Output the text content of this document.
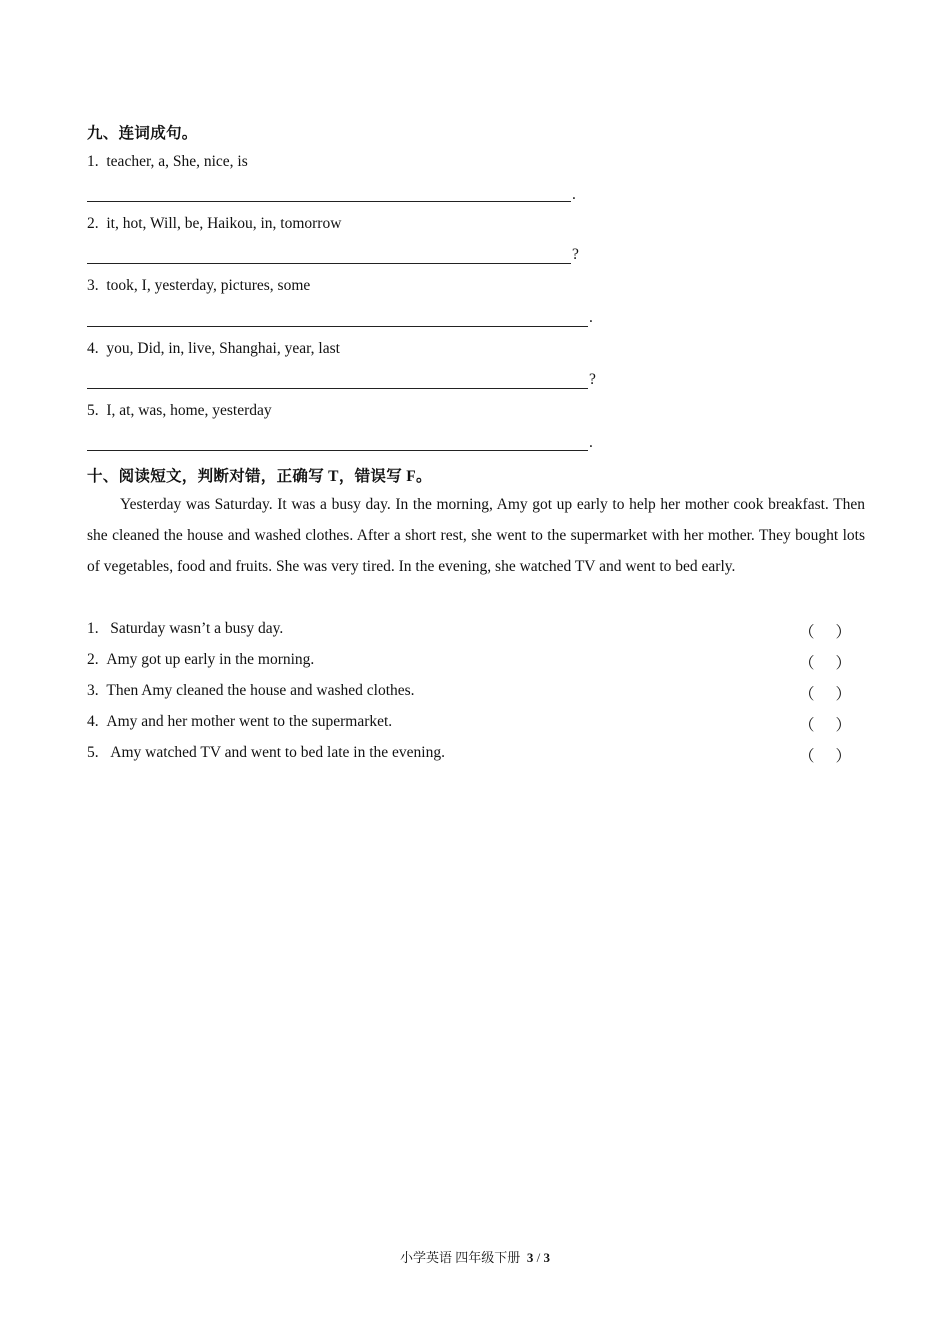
九、连词成句。
1. teacher, a, She, nice, is
.
2. it, hot, Will, be, Haikou, in, tomorrow
?
3. took, I, yesterday, pictures, some
.
4. you, Did, in, live, Shanghai, year, last
?
5. I, at, was, home, yesterday
.
十、阅读短文，判断对错，正确写 T，错误写 F。
Yesterday was Saturday. It was a busy day. In the morning, Amy got up early to help her mother cook breakfast. Then she cleaned the house and washed clothes. After a short rest, she went to the supermarket with her mother. They bought lots of vegetables, food and fruits. She was very tired. In the evening, she watched TV and went to bed early.
1. Saturday wasn’t a busy day.	（ ）
2. Amy got up early in the morning.	（ ）
3. Then Amy cleaned the house and washed clothes.	（ ）
4. Amy and her mother went to the supermarket.	（ ）
5. Amy watched TV and went to bed late in the evening.	（ ）
小学英语 四年级下册 3 / 3
